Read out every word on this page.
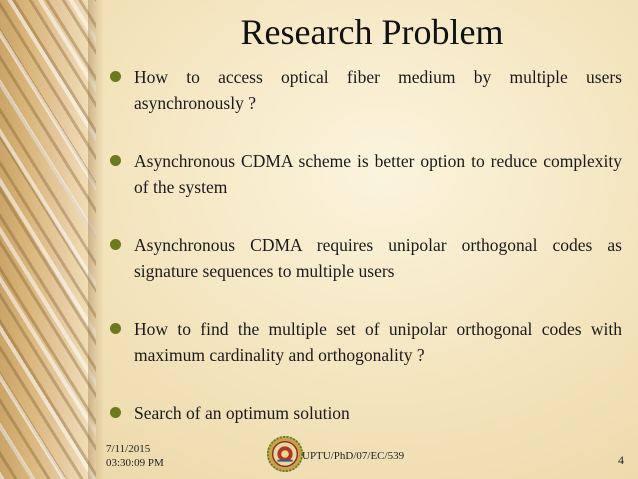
Research Problem
How to access optical fiber medium by multiple users asynchronously ?
Asynchronous CDMA scheme is better option to reduce complexity of the system
Asynchronous CDMA requires unipolar orthogonal codes as signature sequences to multiple users
How to find the multiple set of unipolar orthogonal codes with maximum cardinality and orthogonality ?
Search of an optimum solution
7/11/2015
03:30:09 PM
UPTU/PhD/07/EC/539	4
